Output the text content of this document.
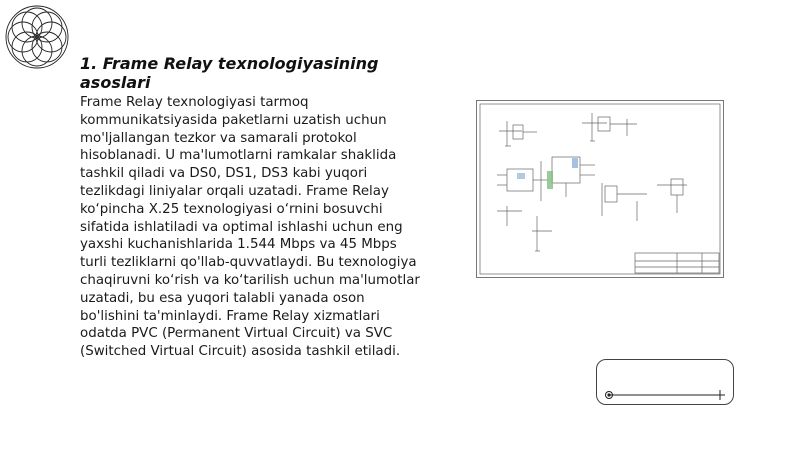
1. Frame Relay texnologiyasining asoslari

Frame Relay texnologiyasi tarmoq kommunikatsiyasida paketlarni uzatish uchun mo'ljallangan tezkor va samarali protokol hisoblanadi. U ma'lumotlarni ramkalar shaklida tashkil qiladi va DS0, DS1, DS3 kabi yuqori tezlikdagi liniyalar orqali uzatadi. Frame Relay ko‘pincha X.25 texnologiyasi o‘rnini bosuvchi sifatida ishlatiladi va optimal ishlashi uchun eng yaxshi kuchanishlarida 1.544 Mbps va 45 Mbps turli tezliklarni qo'llab-quvvatlaydi. Bu texnologiya chaqiruvni ko‘rish va ko‘tarilish uchun ma'lumotlar uzatadi, bu esa yuqori talabli yanada oson bo'lishini ta'minlaydi. Frame Relay xizmatlari odatda PVC (Permanent Virtual Circuit) va SVC (Switched Virtual Circuit) asosida tashkil etiladi.
